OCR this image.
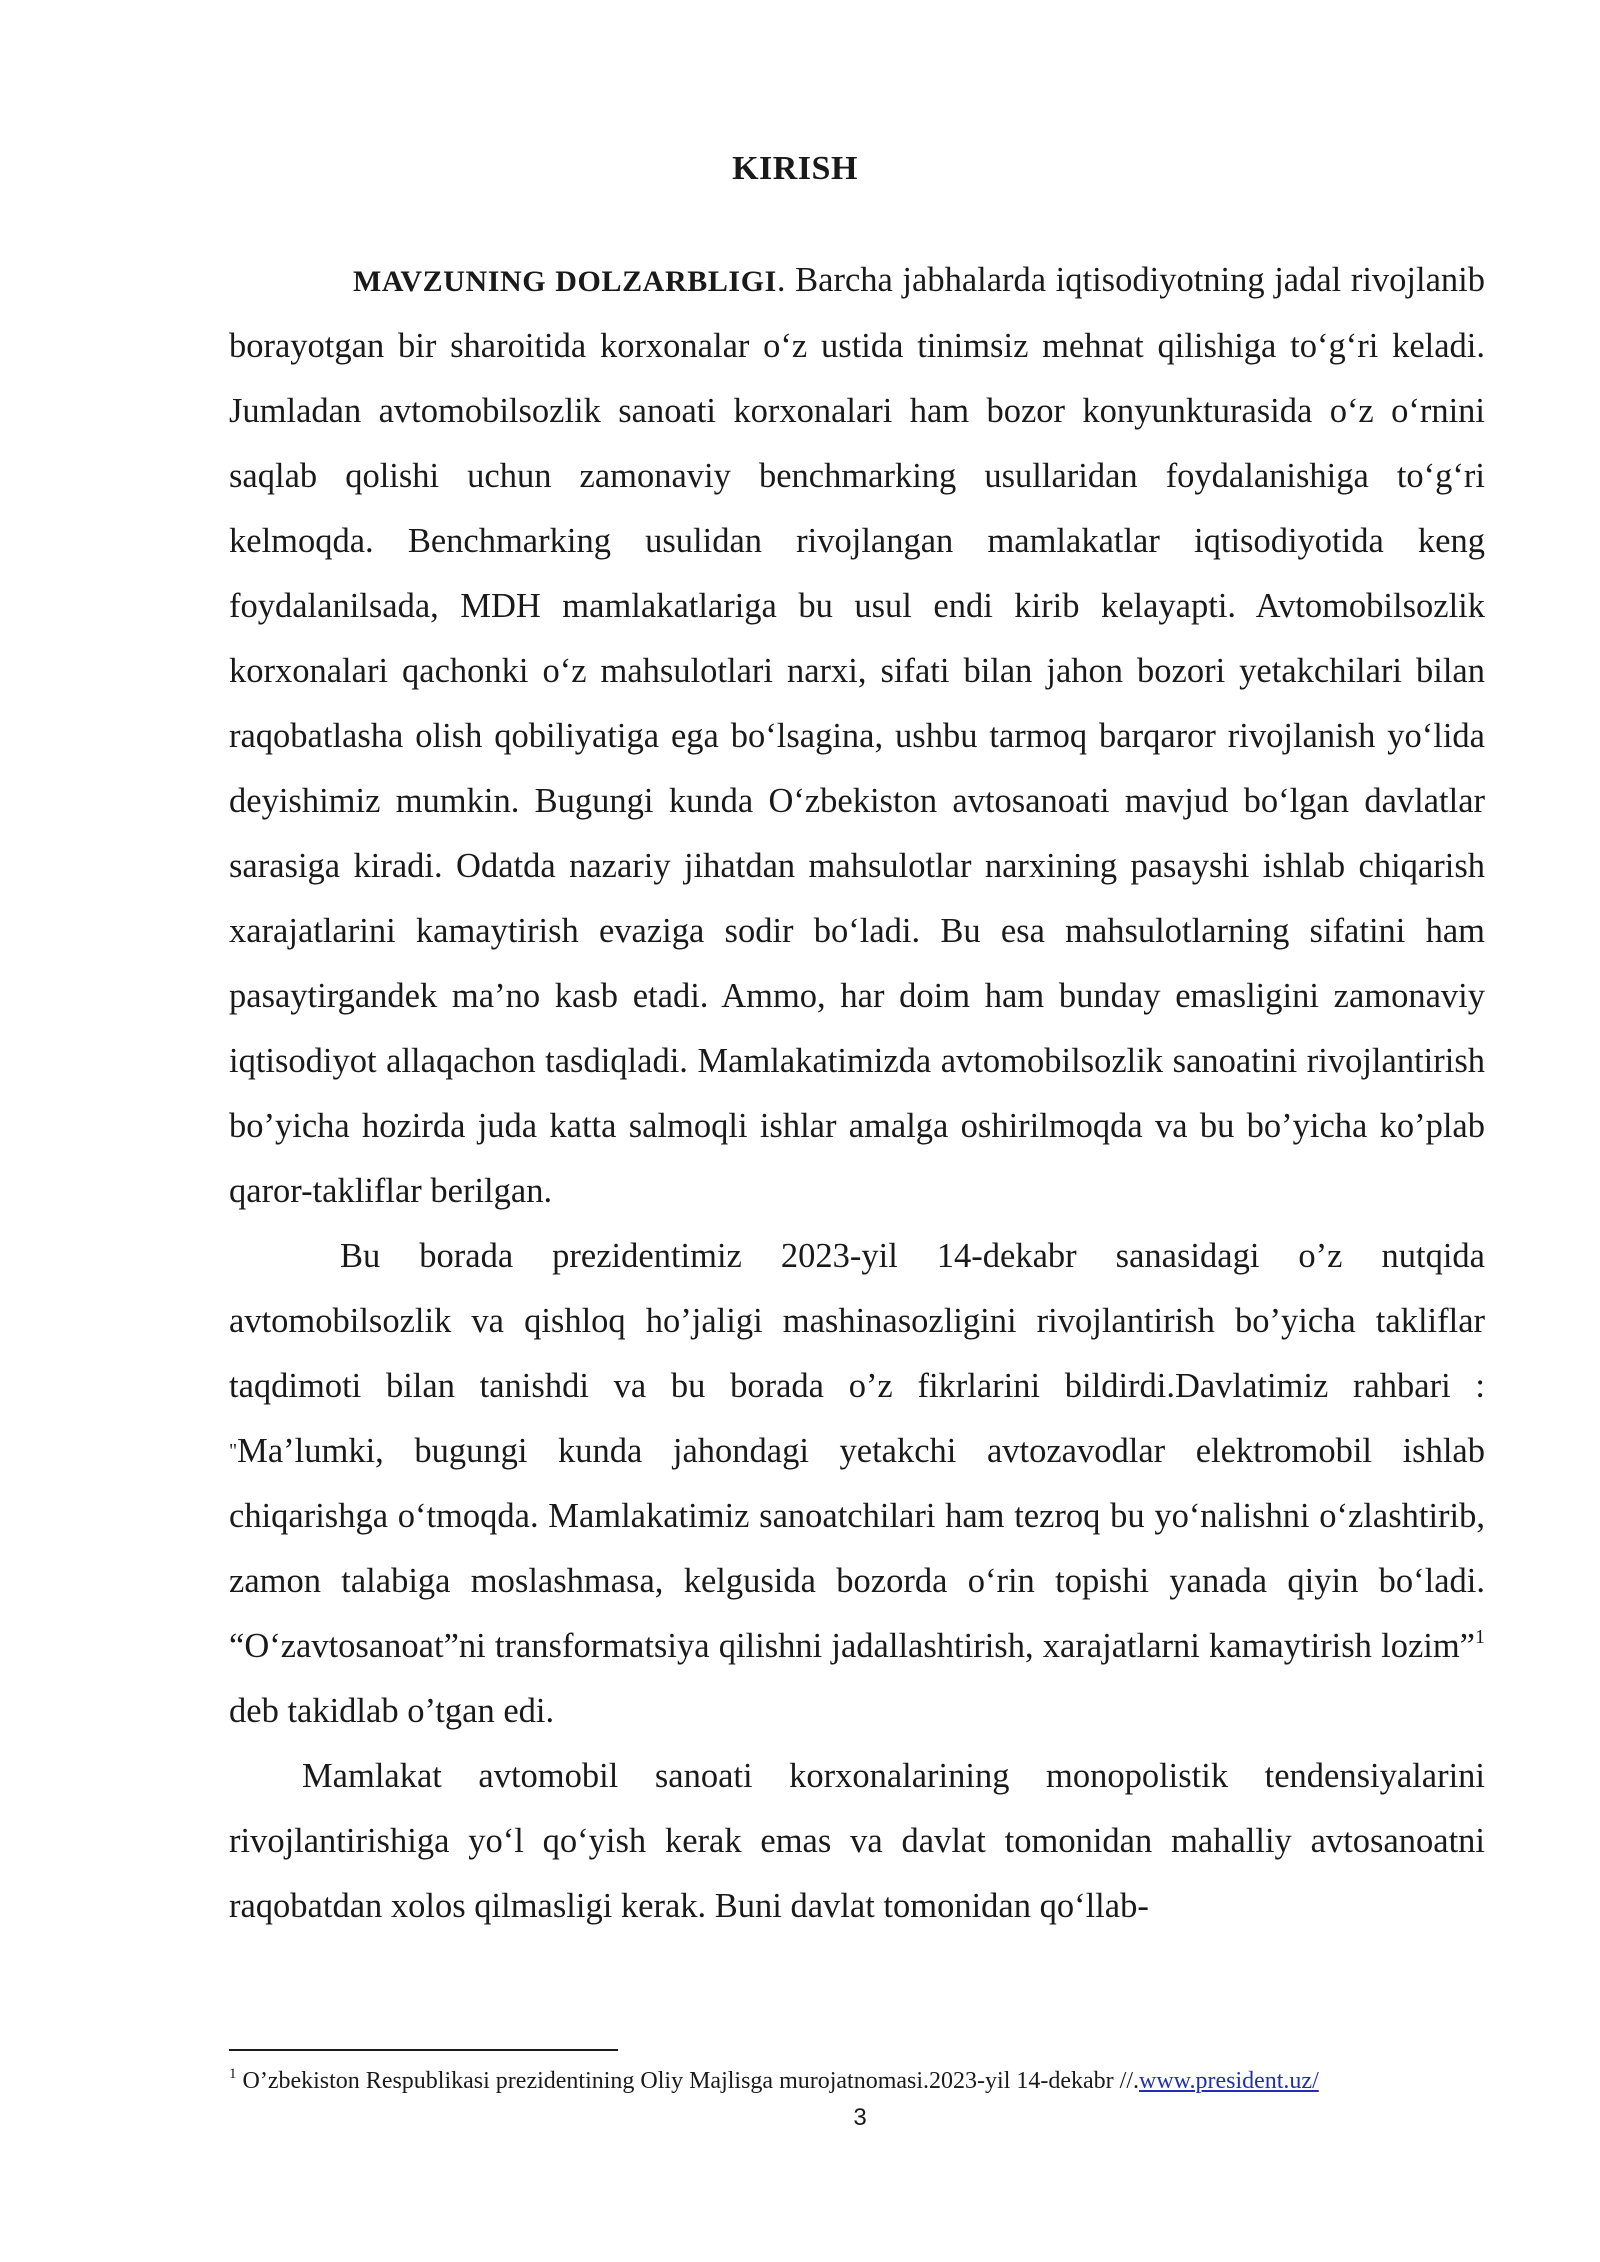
KIRISH

MAVZUNING DOLZARBLIGI. Barcha jabhalarda iqtisodiyotning jadal rivojlanib borayotgan bir sharoitida korxonalar o‘z ustida tinimsiz mehnat qilishiga to‘g‘ri keladi. Jumladan avtomobilsozlik sanoati korxonalari ham bozor konyunkturasida o‘z o‘rnini saqlab qolishi uchun zamonaviy benchmarking usullaridan foydalanishiga to‘g‘ri kelmoqda. Benchmarking usulidan rivojlangan mamlakatlar iqtisodiyotida keng foydalanilsada, MDH mamlakatlariga bu usul endi kirib kelayapti. Avtomobilsozlik korxonalari qachonki o‘z mahsulotlari narxi, sifati bilan jahon bozori yetakchilari bilan raqobatlasha olish qobiliyatiga ega bo‘lsagina, ushbu tarmoq barqaror rivojlanish yo‘lida deyishimiz mumkin. Bugungi kunda O‘zbekiston avtosanoati mavjud bo‘lgan davlatlar sarasiga kiradi. Odatda nazariy jihatdan mahsulotlar narxining pasayshi ishlab chiqarish xarajatlarini kamaytirish evaziga sodir bo‘ladi. Bu esa mahsulotlarning sifatini ham pasaytirgandek ma’no kasb etadi. Ammo, har doim ham bunday emasligini zamonaviy iqtisodiyot allaqachon tasdiqladi. Mamlakatimizda avtomobilsozlik sanoatini rivojlantirish bo’yicha hozirda juda katta salmoqli ishlar amalga oshirilmoqda va bu bo’yicha ko’plab qaror-takliflar berilgan.

Bu borada prezidentimiz 2023-yil 14-dekabr sanasidagi o’z nutqida avtomobilsozlik va qishloq ho’jaligi mashinasozligini rivojlantirish bo’yicha takliflar taqdimoti bilan tanishdi va bu borada o’z fikrlarini bildirdi.Davlatimiz rahbari : "Ma’lumki, bugungi kunda jahondagi yetakchi avtozavodlar elektromobil ishlab chiqarishga o‘tmoqda. Mamlakatimiz sanoatchilari ham tezroq bu yo‘nalishni o‘zlashtirib, zamon talabiga moslashmasa, kelgusida bozorda o‘rin topishi yanada qiyin bo‘ladi. “O‘zavtosanoat”ni transformatsiya qilishni jadallashtirish, xarajatlarni kamaytirish lozim”$^1$ deb takidlab o’tgan edi.

Mamlakat avtomobil sanoati korxonalarining monopolistik tendensiyalarini rivojlantirishiga yo‘l qo‘yish kerak emas va davlat tomonidan mahalliy avtosanoatni raqobatdan xolos qilmasligi kerak. Buni davlat tomonidan qo‘llab-

$^1$ O’zbekiston Respublikasi prezidentining Oliy Majlisga murojatnomasi.2023-yil 14-dekabr //.www.president.uz/
3
